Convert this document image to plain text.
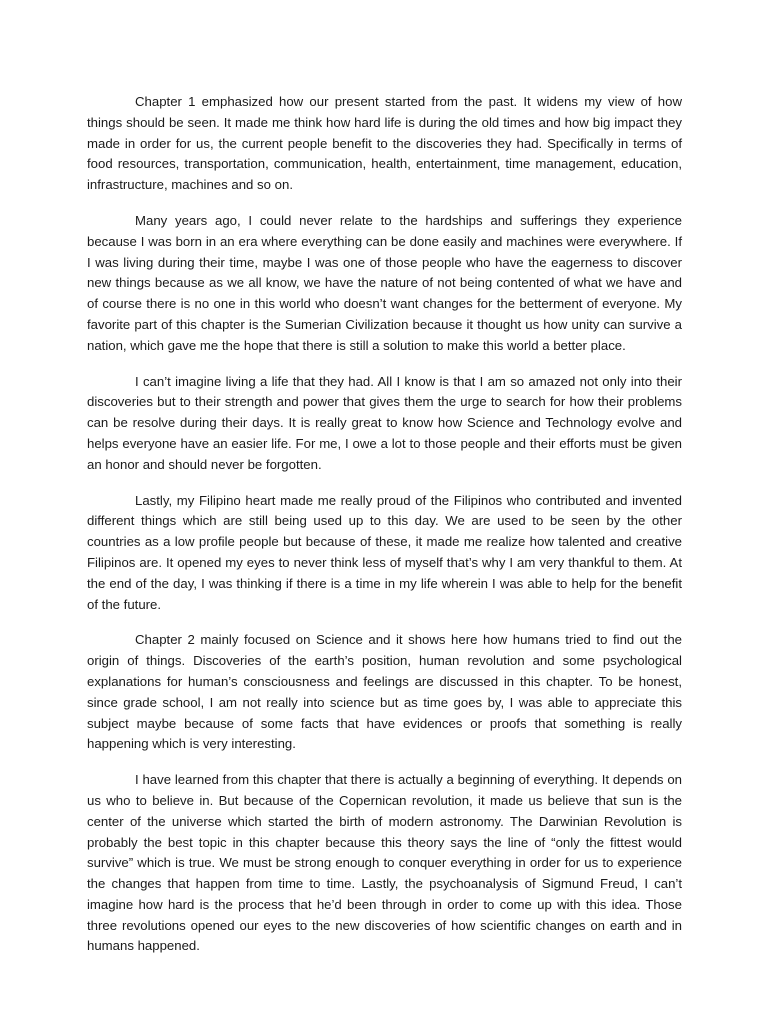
Chapter 1 emphasized how our present started from the past. It widens my view of how things should be seen. It made me think how hard life is during the old times and how big impact they made in order for us, the current people benefit to the discoveries they had. Specifically in terms of food resources, transportation, communication, health, entertainment, time management, education, infrastructure, machines and so on.

Many years ago, I could never relate to the hardships and sufferings they experience because I was born in an era where everything can be done easily and machines were everywhere. If I was living during their time, maybe I was one of those people who have the eagerness to discover new things because as we all know, we have the nature of not being contented of what we have and of course there is no one in this world who doesn’t want changes for the betterment of everyone. My favorite part of this chapter is the Sumerian Civilization because it thought us how unity can survive a nation, which gave me the hope that there is still a solution to make this world a better place.

I can’t imagine living a life that they had. All I know is that I am so amazed not only into their discoveries but to their strength and power that gives them the urge to search for how their problems can be resolve during their days. It is really great to know how Science and Technology evolve and helps everyone have an easier life. For me, I owe a lot to those people and their efforts must be given an honor and should never be forgotten.

Lastly, my Filipino heart made me really proud of the Filipinos who contributed and invented different things which are still being used up to this day. We are used to be seen by the other countries as a low profile people but because of these, it made me realize how talented and creative Filipinos are. It opened my eyes to never think less of myself that’s why I am very thankful to them. At the end of the day, I was thinking if there is a time in my life wherein I was able to help for the benefit of the future.

Chapter 2 mainly focused on Science and it shows here how humans tried to find out the origin of things. Discoveries of the earth’s position, human revolution and some psychological explanations for human’s consciousness and feelings are discussed in this chapter. To be honest, since grade school, I am not really into science but as time goes by, I was able to appreciate this subject maybe because of some facts that have evidences or proofs that something is really happening which is very interesting.

I have learned from this chapter that there is actually a beginning of everything. It depends on us who to believe in. But because of the Copernican revolution, it made us believe that sun is the center of the universe which started the birth of modern astronomy. The Darwinian Revolution is probably the best topic in this chapter because this theory says the line of “only the fittest would survive” which is true. We must be strong enough to conquer everything in order for us to experience the changes that happen from time to time. Lastly, the psychoanalysis of Sigmund Freud, I can’t imagine how hard is the process that he’d been through in order to come up with this idea. Those three revolutions opened our eyes to the new discoveries of how scientific changes on earth and in humans happened.
